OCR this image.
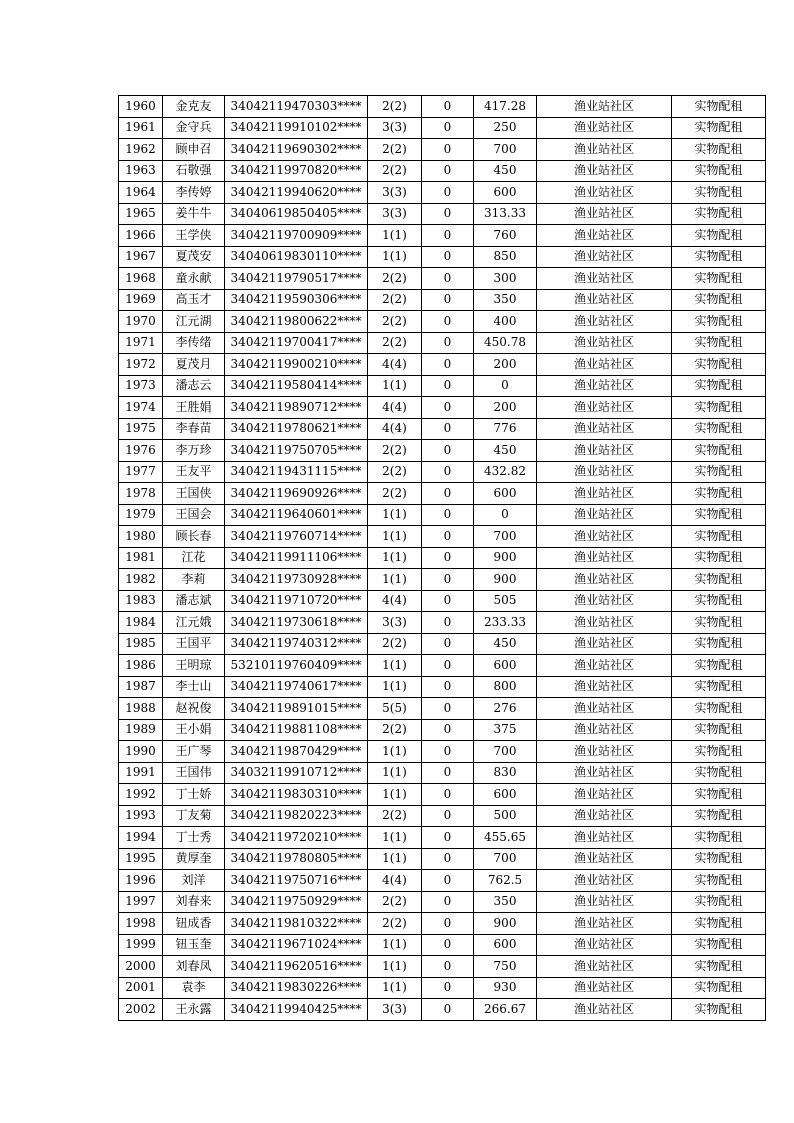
1960	金克友	34042119470303****	2(2)	0	417.28	渔业站社区	实物配租
1961	金守兵	34042119910102****	3(3)	0	250	渔业站社区	实物配租
1962	顾申召	34042119690302****	2(2)	0	700	渔业站社区	实物配租
1963	石敬强	34042119970820****	2(2)	0	450	渔业站社区	实物配租
1964	李传婷	34042119940620****	3(3)	0	600	渔业站社区	实物配租
1965	姜牛牛	34040619850405****	3(3)	0	313.33	渔业站社区	实物配租
1966	王学侠	34042119700909****	1(1)	0	760	渔业站社区	实物配租
1967	夏茂安	34040619830110****	1(1)	0	850	渔业站社区	实物配租
1968	童永献	34042119790517****	2(2)	0	300	渔业站社区	实物配租
1969	高玉才	34042119590306****	2(2)	0	350	渔业站社区	实物配租
1970	江元湖	34042119800622****	2(2)	0	400	渔业站社区	实物配租
1971	李传绪	34042119700417****	2(2)	0	450.78	渔业站社区	实物配租
1972	夏茂月	34042119900210****	4(4)	0	200	渔业站社区	实物配租
1973	潘志云	34042119580414****	1(1)	0	0	渔业站社区	实物配租
1974	王胜娟	34042119890712****	4(4)	0	200	渔业站社区	实物配租
1975	李春苗	34042119780621****	4(4)	0	776	渔业站社区	实物配租
1976	李万珍	34042119750705****	2(2)	0	450	渔业站社区	实物配租
1977	王友平	34042119431115****	2(2)	0	432.82	渔业站社区	实物配租
1978	王国侠	34042119690926****	2(2)	0	600	渔业站社区	实物配租
1979	王国会	34042119640601****	1(1)	0	0	渔业站社区	实物配租
1980	顾长春	34042119760714****	1(1)	0	700	渔业站社区	实物配租
1981	江花	34042119911106****	1(1)	0	900	渔业站社区	实物配租
1982	李莉	34042119730928****	1(1)	0	900	渔业站社区	实物配租
1983	潘志斌	34042119710720****	4(4)	0	505	渔业站社区	实物配租
1984	江元娥	34042119730618****	3(3)	0	233.33	渔业站社区	实物配租
1985	王国平	34042119740312****	2(2)	0	450	渔业站社区	实物配租
1986	王明琼	53210119760409****	1(1)	0	600	渔业站社区	实物配租
1987	李士山	34042119740617****	1(1)	0	800	渔业站社区	实物配租
1988	赵祝俊	34042119891015****	5(5)	0	276	渔业站社区	实物配租
1989	王小娟	34042119881108****	2(2)	0	375	渔业站社区	实物配租
1990	王广琴	34042119870429****	1(1)	0	700	渔业站社区	实物配租
1991	王国伟	34032119910712****	1(1)	0	830	渔业站社区	实物配租
1992	丁士娇	34042119830310****	1(1)	0	600	渔业站社区	实物配租
1993	丁友菊	34042119820223****	2(2)	0	500	渔业站社区	实物配租
1994	丁士秀	34042119720210****	1(1)	0	455.65	渔业站社区	实物配租
1995	黄厚奎	34042119780805****	1(1)	0	700	渔业站社区	实物配租
1996	刘洋	34042119750716****	4(4)	0	762.5	渔业站社区	实物配租
1997	刘春来	34042119750929****	2(2)	0	350	渔业站社区	实物配租
1998	钮成香	34042119810322****	2(2)	0	900	渔业站社区	实物配租
1999	钮玉奎	34042119671024****	1(1)	0	600	渔业站社区	实物配租
2000	刘春凤	34042119620516****	1(1)	0	750	渔业站社区	实物配租
2001	袁李	34042119830226****	1(1)	0	930	渔业站社区	实物配租
2002	王永露	34042119940425****	3(3)	0	266.67	渔业站社区	实物配租
